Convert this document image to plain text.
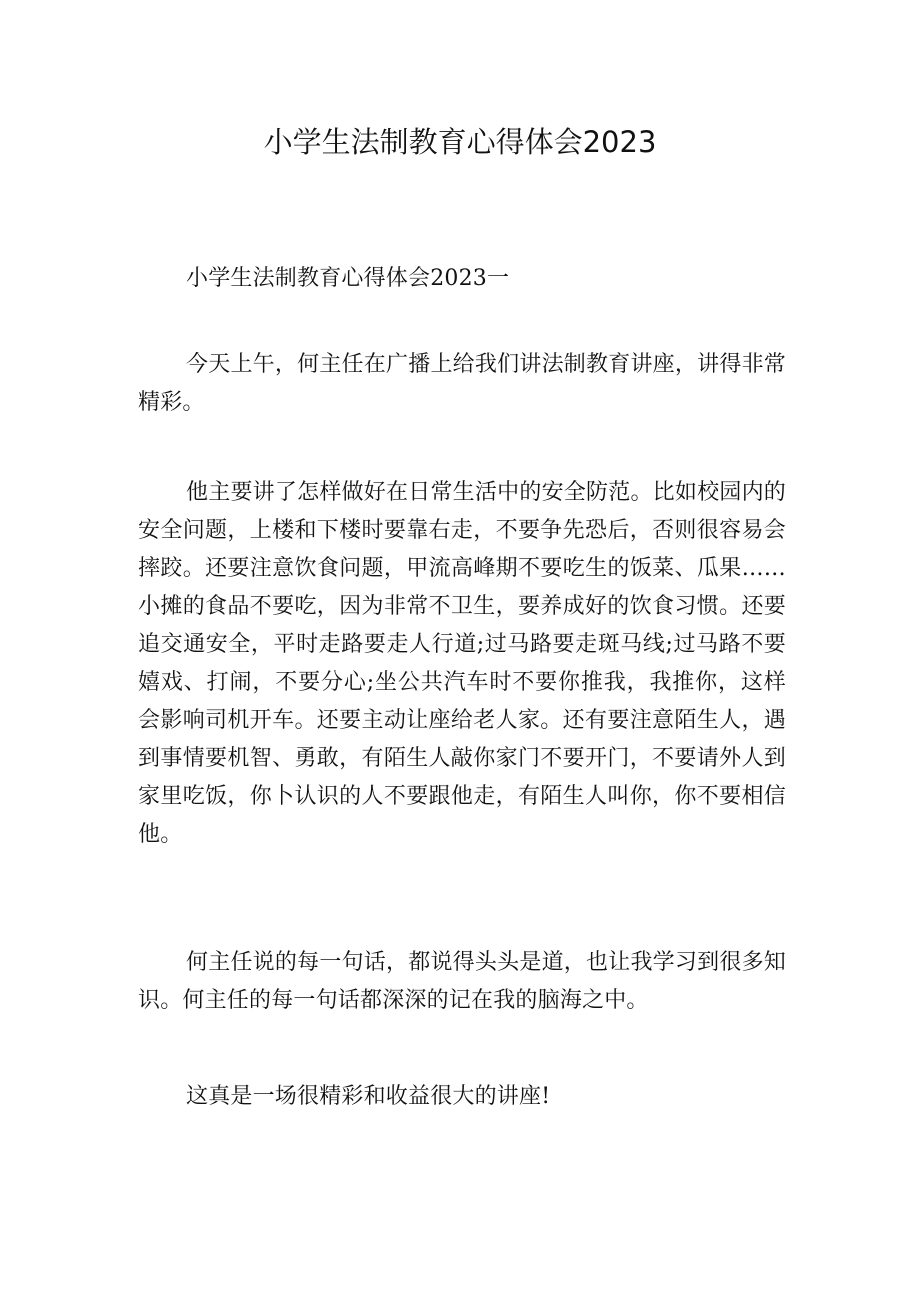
小学生法制教育心得体会2023

小学生法制教育心得体会2023一

今天上午，何主任在广播上给我们讲法制教育讲座，讲得非常精彩。

他主要讲了怎样做好在日常生活中的安全防范。比如校园内的安全问题，上楼和下楼时要靠右走，不要争先恐后，否则很容易会摔跤。还要注意饮食问题，甲流高峰期不要吃生的饭菜、瓜果……小摊的食品不要吃，因为非常不卫生，要养成好的饮食习惯。还要追交通安全，平时走路要走人行道;过马路要走斑马线;过马路不要嬉戏、打闹，不要分心;坐公共汽车时不要你推我，我推你，这样会影响司机开车。还要主动让座给老人家。还有要注意陌生人，遇到事情要机智、勇敢，有陌生人敲你家门不要开门，不要请外人到家里吃饭，你卜认识的人不要跟他走，有陌生人叫你，你不要相信他。

何主任说的每一句话，都说得头头是道，也让我学习到很多知识。何主任的每一句话都深深的记在我的脑海之中。

这真是一场很精彩和收益很大的讲座!
